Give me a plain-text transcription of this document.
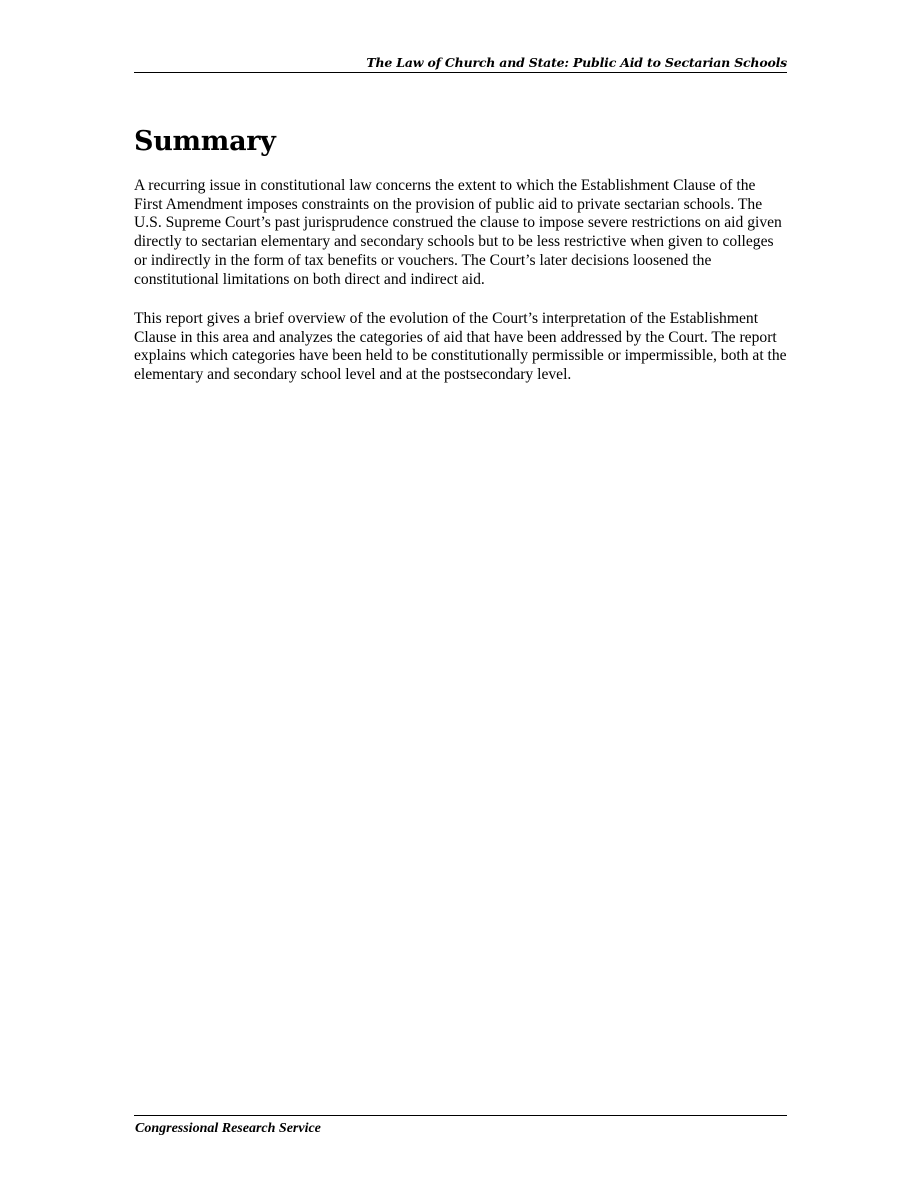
The Law of Church and State: Public Aid to Sectarian Schools
Summary

A recurring issue in constitutional law concerns the extent to which the Establishment Clause of the First Amendment imposes constraints on the provision of public aid to private sectarian schools. The U.S. Supreme Court’s past jurisprudence construed the clause to impose severe restrictions on aid given directly to sectarian elementary and secondary schools but to be less restrictive when given to colleges or indirectly in the form of tax benefits or vouchers. The Court’s later decisions loosened the constitutional limitations on both direct and indirect aid.

This report gives a brief overview of the evolution of the Court’s interpretation of the Establishment Clause in this area and analyzes the categories of aid that have been addressed by the Court. The report explains which categories have been held to be constitutionally permissible or impermissible, both at the elementary and secondary school level and at the postsecondary level.

Congressional Research Service
